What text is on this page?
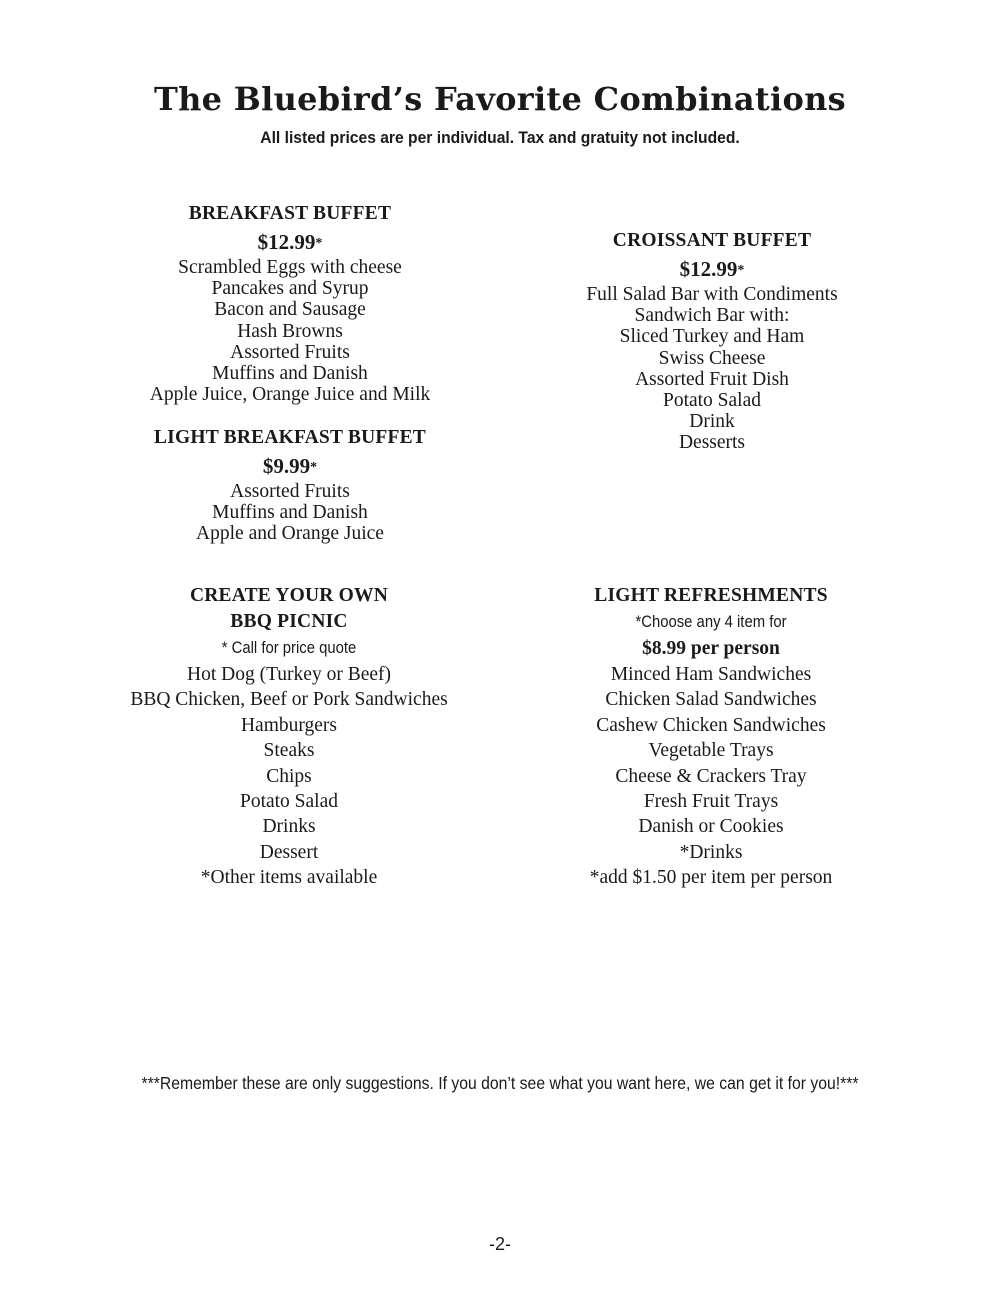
The Bluebird’s Favorite Combinations
All listed prices are per individual. Tax and gratuity not included.
BREAKFAST BUFFET
$12.99*
Scrambled Eggs with cheese
Pancakes and Syrup
Bacon and Sausage
Hash Browns
Assorted Fruits
Muffins and Danish
Apple Juice, Orange Juice and Milk
LIGHT BREAKFAST BUFFET
$9.99*
Assorted Fruits
Muffins and Danish
Apple and Orange Juice
CROISSANT BUFFET
$12.99*
Full Salad Bar with Condiments
Sandwich Bar with:
Sliced Turkey and Ham
Swiss Cheese
Assorted Fruit Dish
Potato Salad
Drink
Desserts
CREATE YOUR OWN
BBQ PICNIC
* Call for price quote
Hot Dog (Turkey or Beef)
BBQ Chicken, Beef or Pork Sandwiches
Hamburgers
Steaks
Chips
Potato Salad
Drinks
Dessert
*Other items available
LIGHT REFRESHMENTS
*Choose any 4 item for
$8.99 per person
Minced Ham Sandwiches
Chicken Salad Sandwiches
Cashew Chicken Sandwiches
Vegetable Trays
Cheese & Crackers Tray
Fresh Fruit Trays
Danish or Cookies
*Drinks
*add $1.50 per item per person
***Remember these are only suggestions. If you don’t see what you want here, we can get it for you!***
-2-
